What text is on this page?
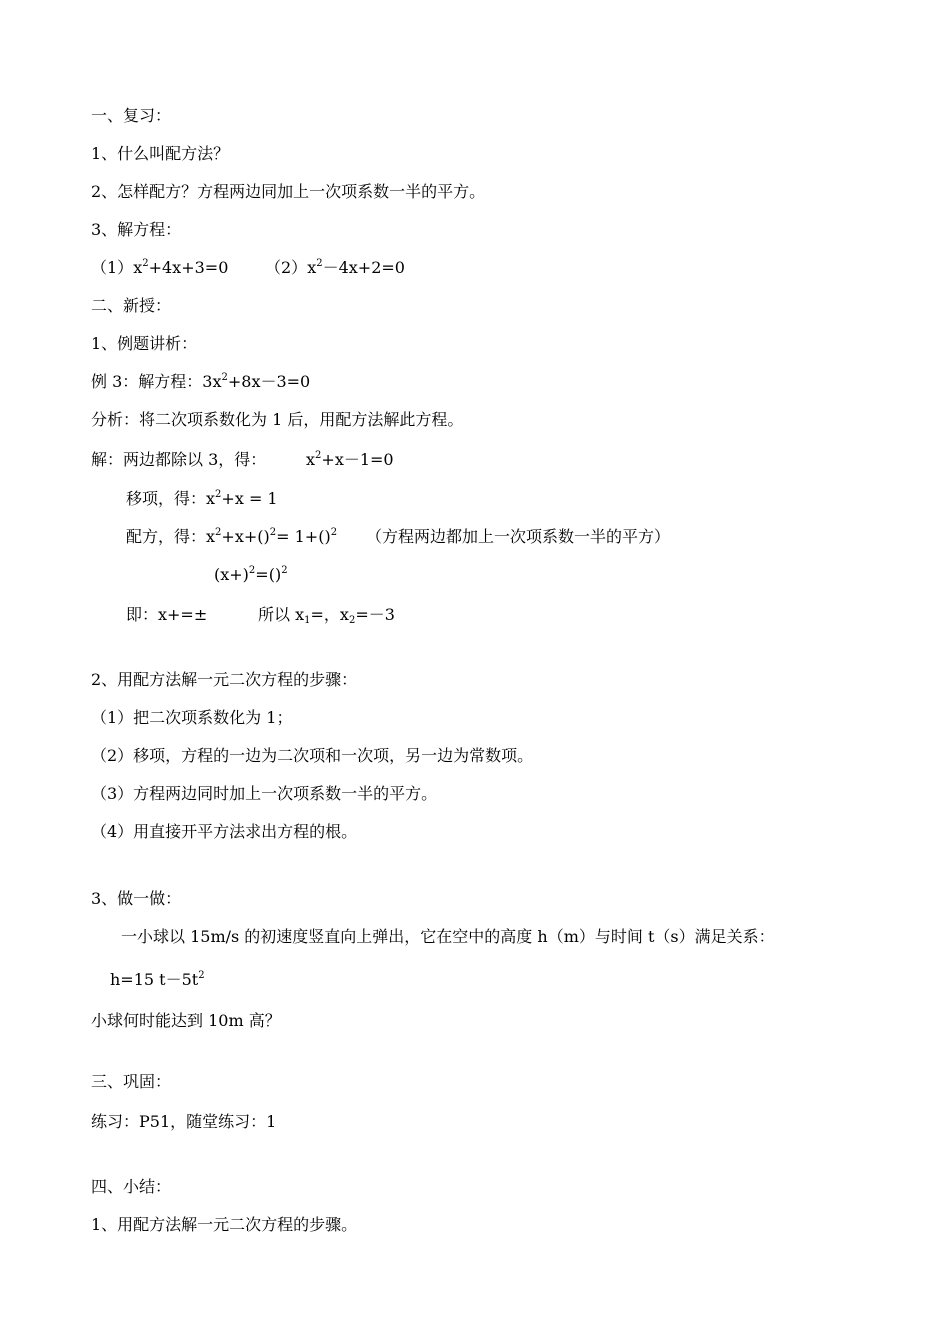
一、复习：
1、什么叫配方法？
2、怎样配方？方程两边同加上一次项系数一半的平方。
3、解方程：
$(1)x^2+4x+3=0$ $(2)x^2-4x+2=0$
二、新授：
1、例题讲析：
例 3：解方程：$3x^2+8x-3=0$
分析：将二次项系数化为 1 后，用配方法解此方程。
解：两边都除以 3，得： $x^2+x-1=0$
移项，得：$x^2+x = 1$
配方，得：$x^2+x+()^2= 1+()^2$ （方程两边都加上一次项系数一半的平方）
$(x+)^2=()^2$
即：x+=±	所以 $x_1=$，$x_2=-3$
2、用配方法解一元二次方程的步骤：
（1）把二次项系数化为 1；
（2）移项，方程的一边为二次项和一次项，另一边为常数项。
（3）方程两边同时加上一次项系数一半的平方。
（4）用直接开平方法求出方程的根。
3、做一做：
一小球以 15m/s 的初速度竖直向上弹出，它在空中的高度 h（m）与时间 t（s）满足关系：
h=15 $t-5t^2$
小球何时能达到 10m 高？
三、巩固：
练习：P51，随堂练习：1
四、小结：
1、用配方法解一元二次方程的步骤。
